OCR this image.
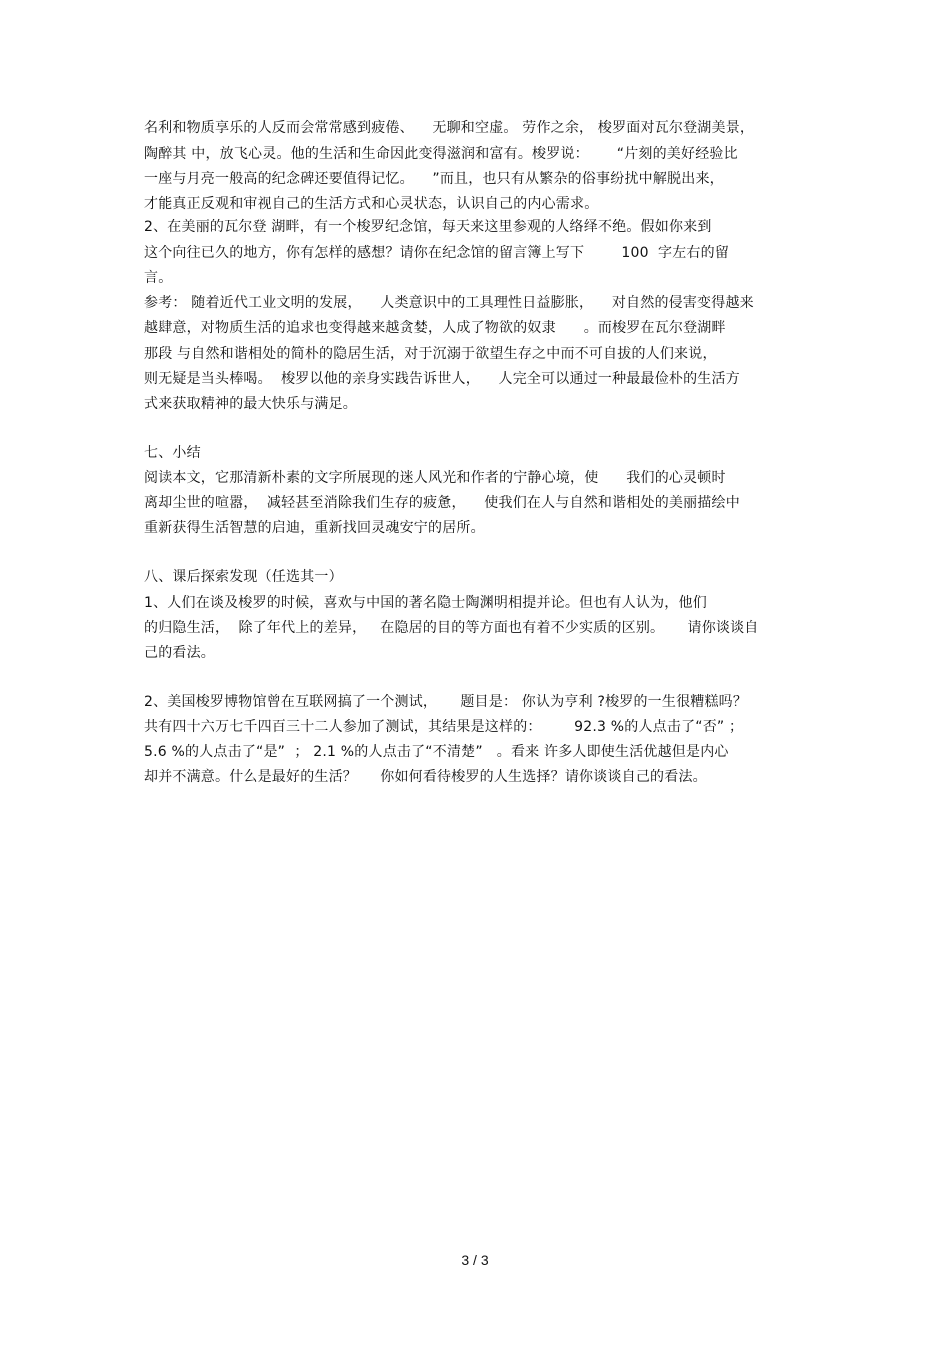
名利和物质享乐的人反而会常常感到疲倦、    无聊和空虚。 劳作之余， 梭罗面对瓦尔登湖美景，
陶醉其 中，放飞心灵。他的生活和生命因此变得滋润和富有。梭罗说：      “片刻的美好经验比
一座与月亮一般高的纪念碑还要值得记忆。    ”而且，也只有从繁杂的俗事纷扰中解脱出来，
才能真正反观和审视自己的生活方式和心灵状态，认识自己的内心需求。
2、在美丽的瓦尔登 湖畔，有一个梭罗纪念馆，每天来这里参观的人络绎不绝。假如你来到
这个向往已久的地方，你有怎样的感想？请你在纪念馆的留言簿上写下        100  字左右的留
言。
参考： 随着近代工业文明的发展，    人类意识中的工具理性日益膨胀，    对自然的侵害变得越来
越肆意，对物质生活的追求也变得越来越贪婪，人成了物欲的奴隶      。而梭罗在瓦尔登湖畔
那段 与自然和谐相处的简朴的隐居生活，对于沉溺于欲望生存之中而不可自拔的人们来说，
则无疑是当头棒喝。  梭罗以他的亲身实践告诉世人，    人完全可以通过一种最最俭朴的生活方
式来获取精神的最大快乐与满足。
七、小结
阅读本文，它那清新朴素的文字所展现的迷人风光和作者的宁静心境，使      我们的心灵顿时
离却尘世的喧嚣，  减轻甚至消除我们生存的疲惫，    使我们在人与自然和谐相处的美丽描绘中
重新获得生活智慧的启迪，重新找回灵魂安宁的居所。
八、课后探索发现（任选其一）
1、人们在谈及梭罗的时候，喜欢与中国的著名隐士陶渊明相提并论。但也有人认为，他们
的归隐生活，  除了年代上的差异，   在隐居的目的等方面也有着不少实质的区别。     请你谈谈自
己的看法。
2、美国梭罗博物馆曾在互联网搞了一个测试，     题目是： 你认为亨利 ?梭罗的一生很糟糕吗？
共有四十六万七千四百三十二人参加了测试，其结果是这样的：       92.3 %的人点击了“否” ；
5.6 %的人点击了“是”  ； 2.1 %的人点击了“不清楚”   。看来 许多人即使生活优越但是内心
却并不满意。什么是最好的生活？     你如何看待梭罗的人生选择？请你谈谈自己的看法。
3 / 3
